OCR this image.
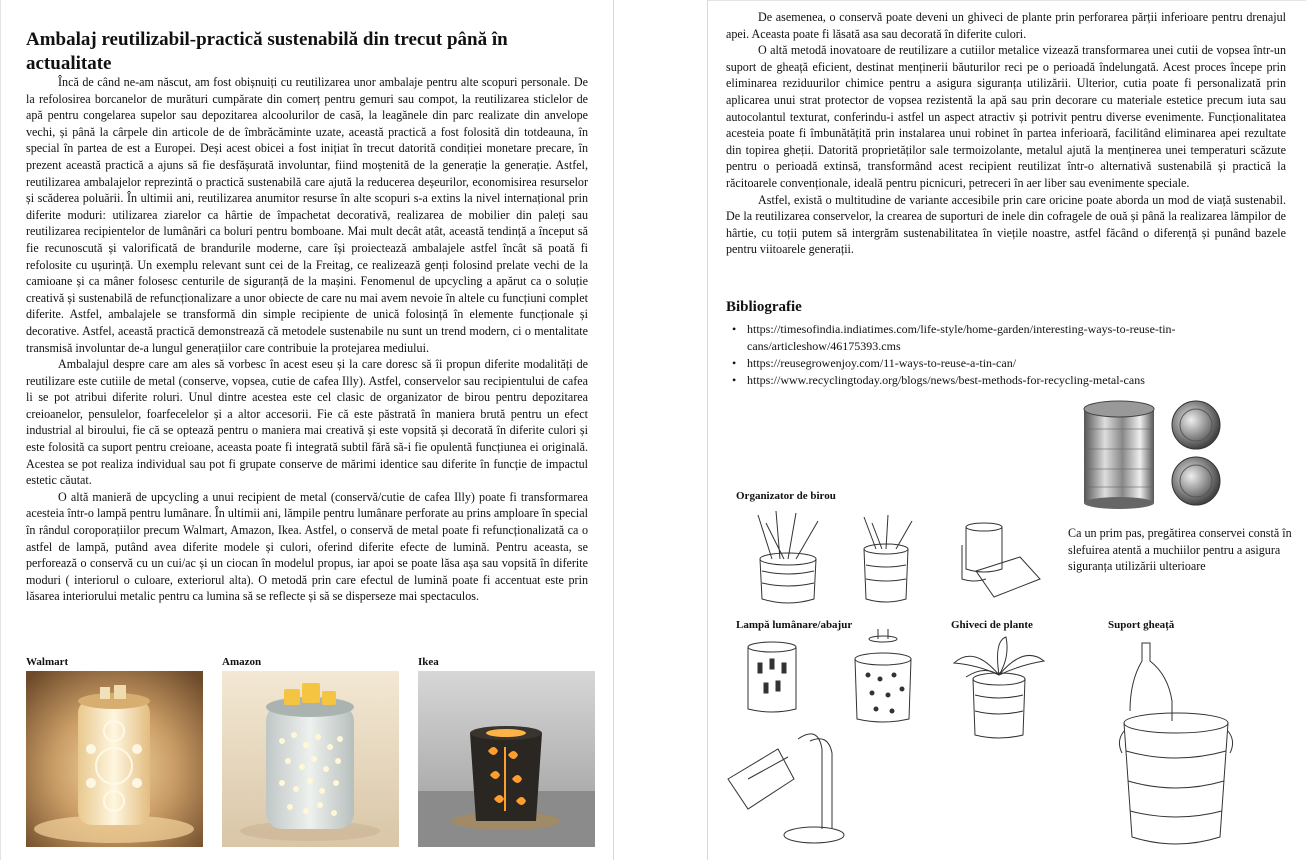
Ambalaj reutilizabil-practică sustenabilă din trecut până în actualitate

Încă de când ne-am născut, am fost obișnuiți cu reutilizarea unor ambalaje pentru alte scopuri personale. De la refolosirea borcanelor de murături cumpărate din comerț pentru gemuri sau compot, la reutilizarea sticlelor de apă pentru congelarea supelor sau depozitarea alcoolurilor de casă, la leagănele din parc realizate din anvelope vechi, și până la cârpele din articole de de îmbrăcăminte uzate, această practică a fost folosită din totdeauna, în special în partea de est a Europei. Deși acest obicei a fost inițiat în trecut datorită condiției monetare precare, în prezent această practică a ajuns să fie desfășurată involuntar, fiind moștenită de la generație la generație. Astfel, reutilizarea ambalajelor reprezintă o practică sustenabilă care ajută la reducerea deșeurilor, economisirea resurselor și scăderea poluării. În ultimii ani, reutilizarea anumitor resurse în alte scopuri s-a extins la nivel internațional prin diferite moduri: utilizarea ziarelor ca hârtie de împachetat decorativă, realizarea de mobilier din paleți sau reutilizarea recipientelor de lumânări ca boluri pentru bomboane. Mai mult decât atât, această tendință a început să fie recunoscută și valorificată de brandurile moderne, care își proiectează ambalajele astfel încât să poată fi refolosite cu ușurință. Un exemplu relevant sunt cei de la Freitag, ce realizează genți folosind prelate vechi de la camioane și ca mâner folosesc centurile de siguranță de la mașini. Fenomenul de upcycling a apărut ca o soluție creativă și sustenabilă de refuncționalizare a unor obiecte de care nu mai avem nevoie în altele cu funcțiuni complet diferite. Astfel, ambalajele se transformă din simple recipiente de unică folosință în elemente funcționale și decorative. Astfel, această practică demonstrează că metodele sustenabile nu sunt un trend modern, ci o mentalitate transmisă involuntar de-a lungul generațiilor care contribuie la protejarea mediului.

Ambalajul despre care am ales să vorbesc în acest eseu și la care doresc să îi propun diferite modalități de reutilizare este cutiile de metal (conserve, vopsea, cutie de cafea Illy). Astfel, conservelor sau recipientului de cafea li se pot atribui diferite roluri. Unul dintre acestea este cel clasic de organizator de birou pentru depozitarea creioanelor, pensulelor, foarfecelelor și a altor accesorii. Fie că este păstrată în maniera brută pentru un efect industrial al biroului, fie că se optează pentru o maniera mai creativă și este vopsită și decorată în diferite culori și este folosită ca suport pentru creioane, aceasta poate fi integrată subtil fără să-i fie opulentă funcțiunea ei originală. Acestea se pot realiza individual sau pot fi grupate conserve de mărimi identice sau diferite în funcție de impactul estetic căutat.

O altă manieră de upcycling a unui recipient de metal (conservă/cutie de cafea Illy) poate fi transformarea acesteia într-o lampă pentru lumânare. În ultimii ani, lămpile pentru lumânare perforate au prins amploare în special în rândul coroporațiilor precum Walmart, Amazon, Ikea. Astfel, o conservă de metal poate fi refuncționalizată ca o astfel de lampă, putând avea diferite modele și culori, oferind diferite efecte de lumină. Pentru aceasta, se perforează o conservă cu un cui/ac și un ciocan în modelul propus, iar apoi se poate lăsa așa sau vopsită în diferite moduri ( interiorul o culoare, exteriorul alta). O metodă prin care efectul de lumină poate fi accentuat este prin lăsarea interiorului metalic pentru ca lumina să se reflecte și să se disperseze mai spectaculos.

Walmart	Amazon	Ikea

De asemenea, o conservă poate deveni un ghiveci de plante prin perforarea părții inferioare pentru drenajul apei. Aceasta poate fi lăsată asa sau decorată în diferite culori.

O altă metodă inovatoare de reutilizare a cutiilor metalice vizează transformarea unei cutii de vopsea într-un suport de gheață eficient, destinat menținerii băuturilor reci pe o perioadă îndelungată. Acest proces începe prin eliminarea reziduurilor chimice pentru a asigura siguranța utilizării. Ulterior, cutia poate fi personalizată prin aplicarea unui strat protector de vopsea rezistentă la apă sau prin decorare cu materiale estetice precum iuta sau autocolantul texturat, conferindu-i astfel un aspect atractiv și potrivit pentru diverse evenimente. Funcționalitatea acesteia poate fi îmbunătățită prin instalarea unui robinet în partea inferioară, facilitând eliminarea apei rezultate din topirea gheții. Datorită proprietăților sale termoizolante, metalul ajută la menținerea unei temperaturi scăzute pentru o perioadă extinsă, transformând acest recipient reutilizat într-o alternativă sustenabilă și practică la răcitoarele convenționale, ideală pentru picnicuri, petreceri în aer liber sau evenimente speciale.

Astfel, există o multitudine de variante accesibile prin care oricine poate aborda un mod de viață sustenabil. De la reutilizarea conservelor, la crearea de suporturi de inele din cofragele de ouă și până la realizarea lămpilor de hârtie, cu toții putem să intergrăm sustenabilitatea în viețile noastre, astfel făcând o diferență și punând bazele pentru viitoarele generații.

Bibliografie
• https://timesofindia.indiatimes.com/life-style/home-garden/interesting-ways-to-reuse-tin-cans/articleshow/46175393.cms
• https://reusegrowenjoy.com/11-ways-to-reuse-a-tin-can/
• https://www.recyclingtoday.org/blogs/news/best-methods-for-recycling-metal-cans
Organizator de birou
Lampă lumânare/abajur	Ghiveci de plante	Suport gheață
Ca un prim pas, pregătirea conservei constă în slefuirea atentă a muchiilor pentru a asigura siguranța utilizării ulterioare
